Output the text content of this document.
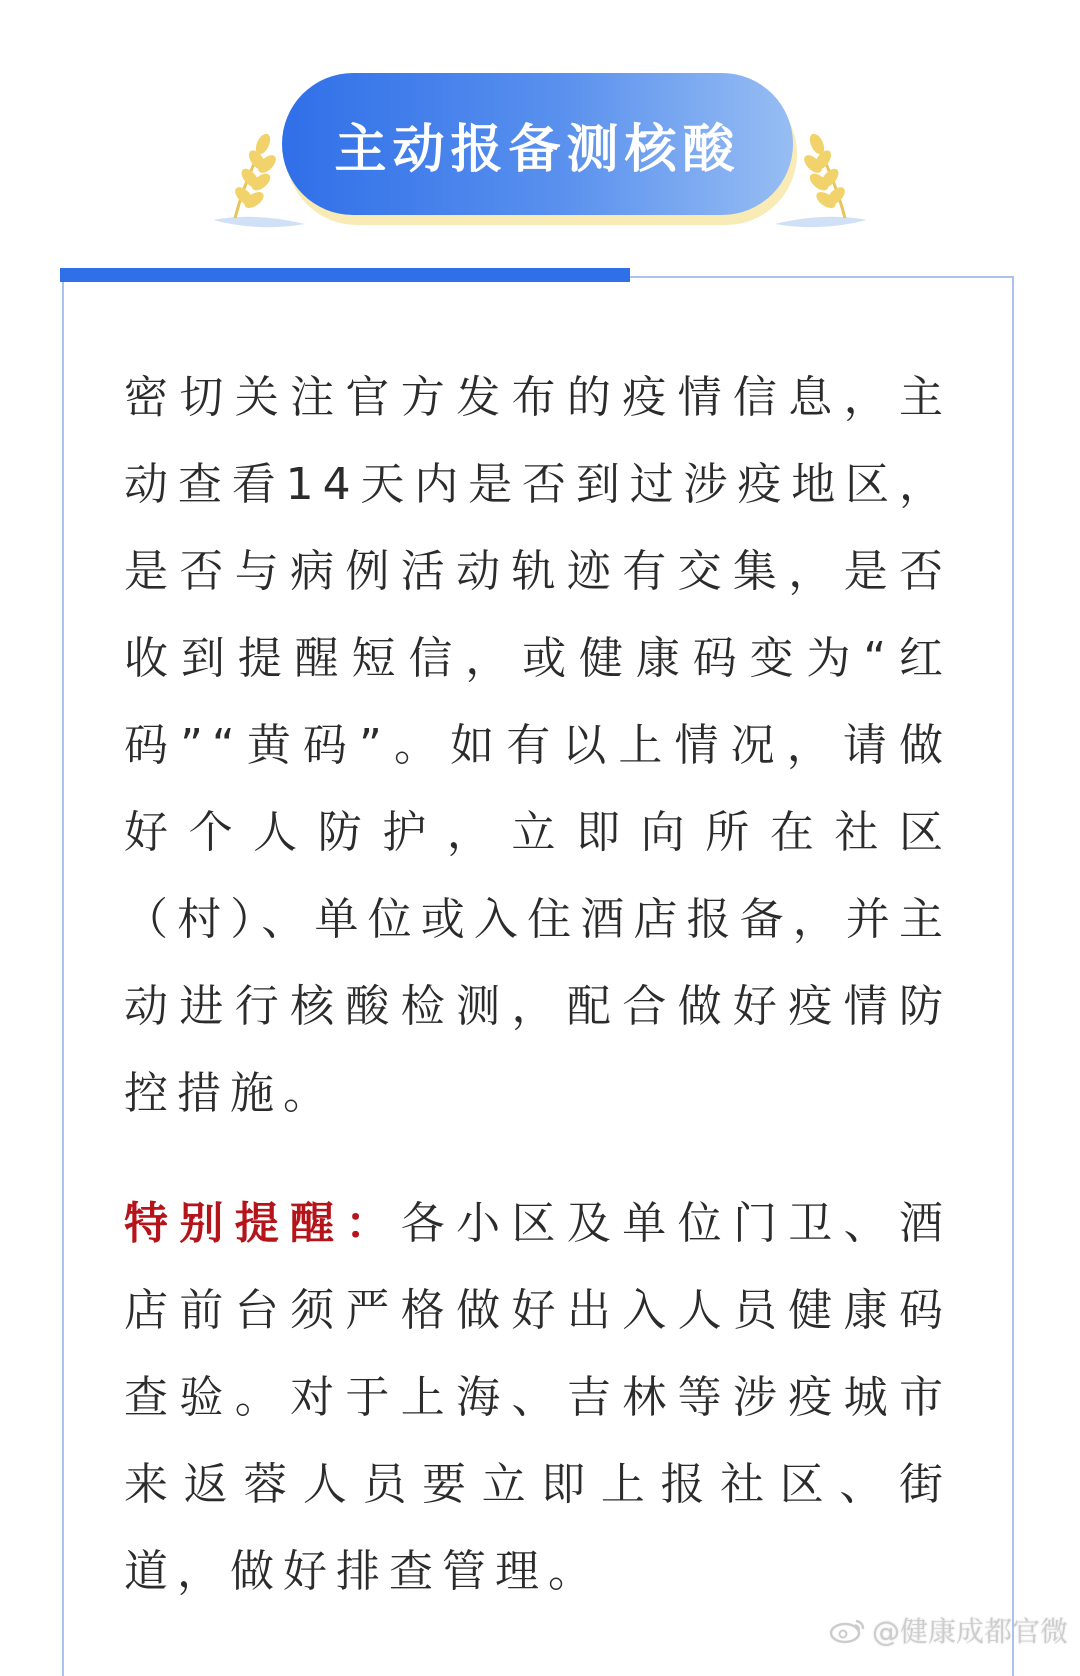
主动报备测核酸

密切关注官方发布的疫情信息，主动查看14天内是否到过涉疫地区，是否与病例活动轨迹有交集，是否收到提醒短信，或健康码变为“红码”“黄码”。如有以上情况，请做好个人防护，立即向所在社区（村）、单位或入住酒店报备，并主动进行核酸检测，配合做好疫情防控措施。

特别提醒：各小区及单位门卫、酒店前台须严格做好出入人员健康码查验。对于上海、吉林等涉疫城市来返蓉人员要立即上报社区、街道，做好排查管理。

@健康成都官微
